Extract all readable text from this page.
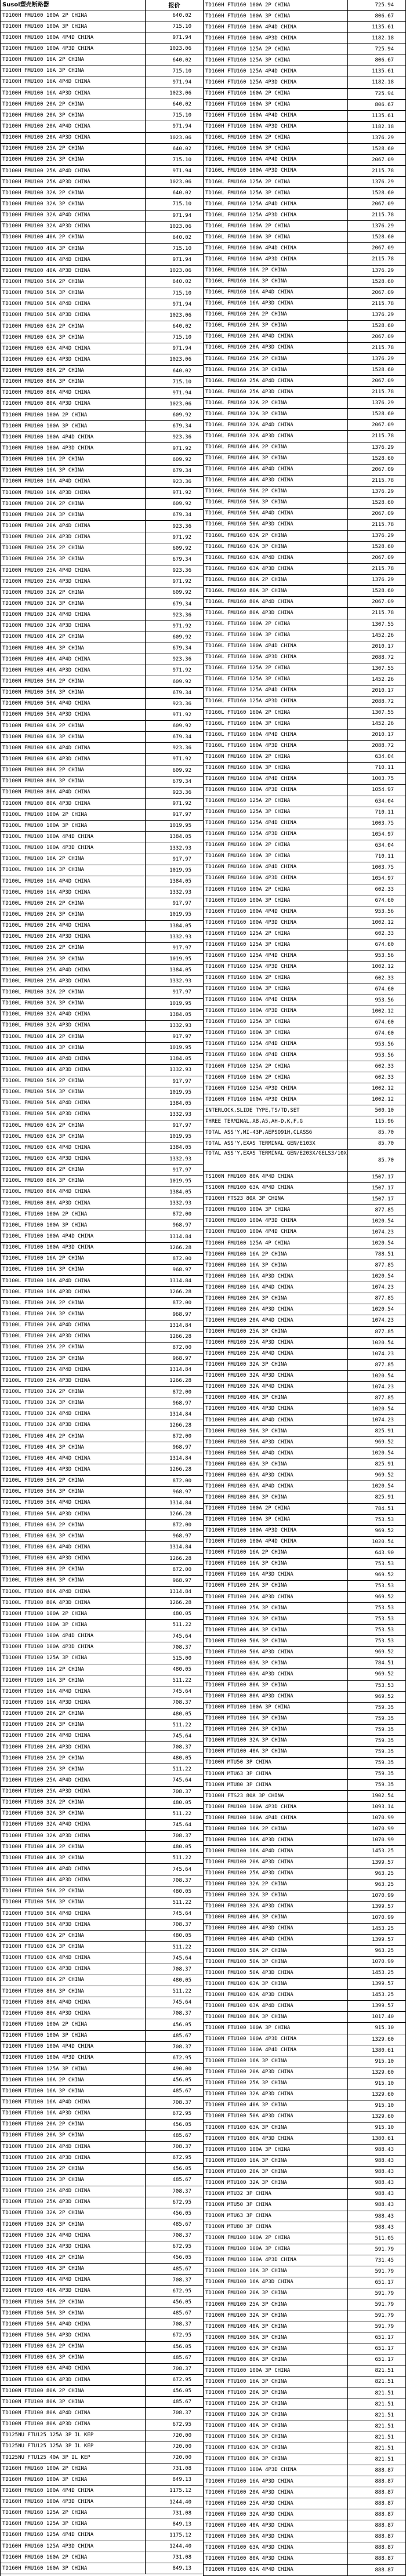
Susol塑壳断路器	报价
TD100H FMU100 100A 2P CHINA	640.02
TD100H FMU100 100A 3P CHINA	715.10
TD100H FMU100 100A 4P4D CHINA	971.94
TD100H FMU100 100A 4P3D CHINA	1023.06
TD100H FMU100 16A 2P CHINA	640.02
TD100H FMU100 16A 3P CHINA	715.10
TD100H FMU100 16A 4P4D CHINA	971.94
TD100H FMU100 16A 4P3D CHINA	1023.06
TD100H FMU100 20A 2P CHINA	640.02
TD100H FMU100 20A 3P CHINA	715.10
TD100H FMU100 20A 4P4D CHINA	971.94
TD100H FMU100 20A 4P3D CHINA	1023.06
TD100H FMU100 25A 2P CHINA	640.02
TD100H FMU100 25A 3P CHINA	715.10
TD100H FMU100 25A 4P4D CHINA	971.94
TD100H FMU100 25A 4P3D CHINA	1023.06
TD100H FMU100 32A 2P CHINA	640.02
TD100H FMU100 32A 3P CHINA	715.10
TD100H FMU100 32A 4P4D CHINA	971.94
TD100H FMU100 32A 4P3D CHINA	1023.06
TD100H FMU100 40A 2P CHINA	640.02
TD100H FMU100 40A 3P CHINA	715.10
TD100H FMU100 40A 4P4D CHINA	971.94
TD100H FMU100 40A 4P3D CHINA	1023.06
TD100H FMU100 50A 2P CHINA	640.02
TD100H FMU100 50A 3P CHINA	715.10
TD100H FMU100 50A 4P4D CHINA	971.94
TD100H FMU100 50A 4P3D CHINA	1023.06
TD100H FMU100 63A 2P CHINA	640.02
TD100H FMU100 63A 3P CHINA	715.10
TD100H FMU100 63A 4P4D CHINA	971.94
TD100H FMU100 63A 4P3D CHINA	1023.06
TD100H FMU100 80A 2P CHINA	640.02
TD100H FMU100 80A 3P CHINA	715.10
TD100H FMU100 80A 4P4D CHINA	971.94
TD100H FMU100 80A 4P3D CHINA	1023.06
TD100N FMU100 100A 2P CHINA	609.92
TD100N FMU100 100A 3P CHINA	679.34
TD100N FMU100 100A 4P4D CHINA	923.36
TD100N FMU100 100A 4P3D CHINA	971.92
TD100N FMU100 16A 2P CHINA	609.92
TD100N FMU100 16A 3P CHINA	679.34
TD100N FMU100 16A 4P4D CHINA	923.36
TD100N FMU100 16A 4P3D CHINA	971.92
TD100N FMU100 20A 2P CHINA	609.92
TD100N FMU100 20A 3P CHINA	679.34
TD100N FMU100 20A 4P4D CHINA	923.36
TD100N FMU100 20A 4P3D CHINA	971.92
TD100N FMU100 25A 2P CHINA	609.92
TD100N FMU100 25A 3P CHINA	679.34
TD100N FMU100 25A 4P4D CHINA	923.36
TD100N FMU100 25A 4P3D CHINA	971.92
TD100N FMU100 32A 2P CHINA	609.92
TD100N FMU100 32A 3P CHINA	679.34
TD100N FMU100 32A 4P4D CHINA	923.36
TD100N FMU100 32A 4P3D CHINA	971.92
TD100N FMU100 40A 2P CHINA	609.92
TD100N FMU100 40A 3P CHINA	679.34
TD100N FMU100 40A 4P4D CHINA	923.36
TD100N FMU100 40A 4P3D CHINA	971.92
TD100N FMU100 50A 2P CHINA	609.92
TD100N FMU100 50A 3P CHINA	679.34
TD100N FMU100 50A 4P4D CHINA	923.36
TD100N FMU100 50A 4P3D CHINA	971.92
TD100N FMU100 63A 2P CHINA	609.92
TD100N FMU100 63A 3P CHINA	679.34
TD100N FMU100 63A 4P4D CHINA	923.36
TD100N FMU100 63A 4P3D CHINA	971.92
TD100N FMU100 80A 2P CHINA	609.92
TD100N FMU100 80A 3P CHINA	679.34
TD100N FMU100 80A 4P4D CHINA	923.36
TD100N FMU100 80A 4P3D CHINA	971.92
TD100L FMU100 100A 2P CHINA	917.97
TD100L FMU100 100A 3P CHINA	1019.95
TD100L FMU100 100A 4P4D CHINA	1384.05
TD100L FMU100 100A 4P3D CHINA	1332.93
TD100L FMU100 16A 2P CHINA	917.97
TD100L FMU100 16A 3P CHINA	1019.95
TD100L FMU100 16A 4P4D CHINA	1384.05
TD100L FMU100 16A 4P3D CHINA	1332.93
TD100L FMU100 20A 2P CHINA	917.97
TD100L FMU100 20A 3P CHINA	1019.95
TD100L FMU100 20A 4P4D CHINA	1384.05
TD100L FMU100 20A 4P3D CHINA	1332.93
TD100L FMU100 25A 2P CHINA	917.97
TD100L FMU100 25A 3P CHINA	1019.95
TD100L FMU100 25A 4P4D CHINA	1384.05
TD100L FMU100 25A 4P3D CHINA	1332.93
TD100L FMU100 32A 2P CHINA	917.97
TD100L FMU100 32A 3P CHINA	1019.95
TD100L FMU100 32A 4P4D CHINA	1384.05
TD100L FMU100 32A 4P3D CHINA	1332.93
TD100L FMU100 40A 2P CHINA	917.97
TD100L FMU100 40A 3P CHINA	1019.95
TD100L FMU100 40A 4P4D CHINA	1384.05
TD100L FMU100 40A 4P3D CHINA	1332.93
TD100L FMU100 50A 2P CHINA	917.97
TD100L FMU100 50A 3P CHINA	1019.95
TD100L FMU100 50A 4P4D CHINA	1384.05
TD100L FMU100 50A 4P3D CHINA	1332.93
TD100L FMU100 63A 2P CHINA	917.97
TD100L FMU100 63A 3P CHINA	1019.95
TD100L FMU100 63A 4P4D CHINA	1384.05
TD100L FMU100 63A 4P3D CHINA	1332.93
TD100L FMU100 80A 2P CHINA	917.97
TD100L FMU100 80A 3P CHINA	1019.95
TD100L FMU100 80A 4P4D CHINA	1384.05
TD100L FMU100 80A 4P3D CHINA	1332.93
TD100L FTU100 100A 2P CHINA	872.00
TD100L FTU100 100A 3P CHINA	968.97
TD100L FTU100 100A 4P4D CHINA	1314.84
TD100L FTU100 100A 4P3D CHINA	1266.28
TD100L FTU100 16A 2P CHINA	872.00
TD100L FTU100 16A 3P CHINA	968.97
TD100L FTU100 16A 4P4D CHINA	1314.84
TD100L FTU100 16A 4P3D CHINA	1266.28
TD100L FTU100 20A 2P CHINA	872.00
TD100L FTU100 20A 3P CHINA	968.97
TD100L FTU100 20A 4P4D CHINA	1314.84
TD100L FTU100 20A 4P3D CHINA	1266.28
TD100L FTU100 25A 2P CHINA	872.00
TD100L FTU100 25A 3P CHINA	968.97
TD100L FTU100 25A 4P4D CHINA	1314.84
TD100L FTU100 25A 4P3D CHINA	1266.28
TD100L FTU100 32A 2P CHINA	872.00
TD100L FTU100 32A 3P CHINA	968.97
TD100L FTU100 32A 4P4D CHINA	1314.84
TD100L FTU100 32A 4P3D CHINA	1266.28
TD100L FTU100 40A 2P CHINA	872.00
TD100L FTU100 40A 3P CHINA	968.97
TD100L FTU100 40A 4P4D CHINA	1314.84
TD100L FTU100 40A 4P3D CHINA	1266.28
TD100L FTU100 50A 2P CHINA	872.00
TD100L FTU100 50A 3P CHINA	968.97
TD100L FTU100 50A 4P4D CHINA	1314.84
TD100L FTU100 50A 4P3D CHINA	1266.28
TD100L FTU100 63A 2P CHINA	872.00
TD100L FTU100 63A 3P CHINA	968.97
TD100L FTU100 63A 4P4D CHINA	1314.84
TD100L FTU100 63A 4P3D CHINA	1266.28
TD100L FTU100 80A 2P CHINA	872.00
TD100L FTU100 80A 3P CHINA	968.97
TD100L FTU100 80A 4P4D CHINA	1314.84
TD100L FTU100 80A 4P3D CHINA	1266.28
TD100H FTU100 100A 2P CHINA	480.05
TD100H FTU100 100A 3P CHINA	511.22
TD100H FTU100 100A 4P4D CHINA	745.64
TD100H FTU100 100A 4P3D CHINA	708.37
TD100H FTU100 125A 3P CHINA	515.00
TD100H FTU100 16A 2P CHINA	480.05
TD100H FTU100 16A 3P CHINA	511.22
TD100H FTU100 16A 4P4D CHINA	745.64
TD100H FTU100 16A 4P3D CHINA	708.37
TD100H FTU100 20A 2P CHINA	480.05
TD100H FTU100 20A 3P CHINA	511.22
TD100H FTU100 20A 4P4D CHINA	745.64
TD100H FTU100 20A 4P3D CHINA	708.37
TD100H FTU100 25A 2P CHINA	480.05
TD100H FTU100 25A 3P CHINA	511.22
TD100H FTU100 25A 4P4D CHINA	745.64
TD100H FTU100 25A 4P3D CHINA	708.37
TD100H FTU100 32A 2P CHINA	480.05
TD100H FTU100 32A 3P CHINA	511.22
TD100H FTU100 32A 4P4D CHINA	745.64
TD100H FTU100 32A 4P3D CHINA	708.37
TD100H FTU100 40A 2P CHINA	480.05
TD100H FTU100 40A 3P CHINA	511.22
TD100H FTU100 40A 4P4D CHINA	745.64
TD100H FTU100 40A 4P3D CHINA	708.37
TD100H FTU100 50A 2P CHINA	480.05
TD100H FTU100 50A 3P CHINA	511.22
TD100H FTU100 50A 4P4D CHINA	745.64
TD100H FTU100 50A 4P3D CHINA	708.37
TD100H FTU100 63A 2P CHINA	480.05
TD100H FTU100 63A 3P CHINA	511.22
TD100H FTU100 63A 4P4D CHINA	745.64
TD100H FTU100 63A 4P3D CHINA	708.37
TD100H FTU100 80A 2P CHINA	480.05
TD100H FTU100 80A 3P CHINA	511.22
TD100H FTU100 80A 4P4D CHINA	745.64
TD100H FTU100 80A 4P3D CHINA	708.37
TD100N FTU100 100A 2P CHINA	456.05
TD100N FTU100 100A 3P CHINA	485.67
TD100N FTU100 100A 4P4D CHINA	708.37
TD100N FTU100 100A 4P3D CHINA	672.95
TD100N FTU100 125A 3P CHINA	490.00
TD100N FTU100 16A 2P CHINA	456.05
TD100N FTU100 16A 3P CHINA	485.67
TD100N FTU100 16A 4P4D CHINA	708.37
TD100N FTU100 16A 4P3D CHINA	672.95
TD100N FTU100 20A 2P CHINA	456.05
TD100N FTU100 20A 3P CHINA	485.67
TD100N FTU100 20A 4P4D CHINA	708.37
TD100N FTU100 20A 4P3D CHINA	672.95
TD100N FTU100 25A 2P CHINA	456.05
TD100N FTU100 25A 3P CHINA	485.67
TD100N FTU100 25A 4P4D CHINA	708.37
TD100N FTU100 25A 4P3D CHINA	672.95
TD100N FTU100 32A 2P CHINA	456.05
TD100N FTU100 32A 3P CHINA	485.67
TD100N FTU100 32A 4P4D CHINA	708.37
TD100N FTU100 32A 4P3D CHINA	672.95
TD100N FTU100 40A 2P CHINA	456.05
TD100N FTU100 40A 3P CHINA	485.67
TD100N FTU100 40A 4P4D CHINA	708.37
TD100N FTU100 40A 4P3D CHINA	672.95
TD100N FTU100 50A 2P CHINA	456.05
TD100N FTU100 50A 3P CHINA	485.67
TD100N FTU100 50A 4P4D CHINA	708.37
TD100N FTU100 50A 4P3D CHINA	672.95
TD100N FTU100 63A 2P CHINA	456.05
TD100N FTU100 63A 3P CHINA	485.67
TD100N FTU100 63A 4P4D CHINA	708.37
TD100N FTU100 63A 4P3D CHINA	672.95
TD100N FTU100 80A 2P CHINA	456.05
TD100N FTU100 80A 3P CHINA	485.67
TD100N FTU100 80A 4P4D CHINA	708.37
TD100N FTU100 80A 4P3D CHINA	672.95
TD125NU FTU125 125A 3P IL KEP	720.00
TD125NU FTU125 125A 3P IL KEP	720.00
TD125NU FTU125 40A 3P IL KEP	720.00
TD160H FMU160 100A 2P CHINA	731.08
TD160H FMU160 100A 3P CHINA	849.13
TD160H FMU160 100A 4P4D CHINA	1175.12
TD160H FMU160 100A 4P3D CHINA	1244.40
TD160H FMU160 125A 2P CHINA	731.08
TD160H FMU160 125A 3P CHINA	849.13
TD160H FMU160 125A 4P4D CHINA	1175.12
TD160H FMU160 125A 4P3D CHINA	1244.40
TD160H FMU160 160A 2P CHINA	731.08
TD160H FMU160 160A 3P CHINA	849.13
TD160H FTU160 100A 2P CHINA	725.94
TD160H FTU160 100A 3P CHINA	806.67
TD160H FTU160 100A 4P4D CHINA	1135.61
TD160H FTU160 100A 4P3D CHINA	1182.18
TD160H FTU160 125A 2P CHINA	725.94
TD160H FTU160 125A 3P CHINA	806.67
TD160H FTU160 125A 4P4D CHINA	1135.61
TD160H FTU160 125A 4P3D CHINA	1182.18
TD160H FTU160 160A 2P CHINA	725.94
TD160H FTU160 160A 3P CHINA	806.67
TD160H FTU160 160A 4P4D CHINA	1135.61
TD160H FTU160 160A 4P3D CHINA	1182.18
TD160L FMU160 100A 2P CHINA	1376.29
TD160L FMU160 100A 3P CHINA	1528.60
TD160L FMU160 100A 4P4D CHINA	2067.09
TD160L FMU160 100A 4P3D CHINA	2115.78
TD160L FMU160 125A 2P CHINA	1376.29
TD160L FMU160 125A 3P CHINA	1528.60
TD160L FMU160 125A 4P4D CHINA	2067.09
TD160L FMU160 125A 4P3D CHINA	2115.78
TD160L FMU160 160A 2P CHINA	1376.29
TD160L FMU160 160A 3P CHINA	1528.60
TD160L FMU160 160A 4P4D CHINA	2067.09
TD160L FMU160 160A 4P3D CHINA	2115.78
TD160L FMU160 16A 2P CHINA	1376.29
TD160L FMU160 16A 3P CHINA	1528.60
TD160L FMU160 16A 4P4D CHINA	2067.09
TD160L FMU160 16A 4P3D CHINA	2115.78
TD160L FMU160 20A 2P CHINA	1376.29
TD160L FMU160 20A 3P CHINA	1528.60
TD160L FMU160 20A 4P4D CHINA	2067.09
TD160L FMU160 20A 4P3D CHINA	2115.78
TD160L FMU160 25A 2P CHINA	1376.29
TD160L FMU160 25A 3P CHINA	1528.60
TD160L FMU160 25A 4P4D CHINA	2067.09
TD160L FMU160 25A 4P3D CHINA	2115.78
TD160L FMU160 32A 2P CHINA	1376.29
TD160L FMU160 32A 3P CHINA	1528.60
TD160L FMU160 32A 4P4D CHINA	2067.09
TD160L FMU160 32A 4P3D CHINA	2115.78
TD160L FMU160 40A 2P CHINA	1376.29
TD160L FMU160 40A 3P CHINA	1528.60
TD160L FMU160 40A 4P4D CHINA	2067.09
TD160L FMU160 40A 4P3D CHINA	2115.78
TD160L FMU160 50A 2P CHINA	1376.29
TD160L FMU160 50A 3P CHINA	1528.60
TD160L FMU160 50A 4P4D CHINA	2067.09
TD160L FMU160 50A 4P3D CHINA	2115.78
TD160L FMU160 63A 2P CHINA	1376.29
TD160L FMU160 63A 3P CHINA	1528.60
TD160L FMU160 63A 4P4D CHINA	2067.09
TD160L FMU160 63A 4P3D CHINA	2115.78
TD160L FMU160 80A 2P CHINA	1376.29
TD160L FMU160 80A 3P CHINA	1528.60
TD160L FMU160 80A 4P4D CHINA	2067.09
TD160L FMU160 80A 4P3D CHINA	2115.78
TD160L FTU160 100A 2P CHINA	1307.55
TD160L FTU160 100A 3P CHINA	1452.26
TD160L FTU160 100A 4P4D CHINA	2010.17
TD160L FTU160 100A 4P3D CHINA	2088.72
TD160L FTU160 125A 2P CHINA	1307.55
TD160L FTU160 125A 3P CHINA	1452.26
TD160L FTU160 125A 4P4D CHINA	2010.17
TD160L FTU160 125A 4P3D CHINA	2088.72
TD160L FTU160 160A 2P CHINA	1307.55
TD160L FTU160 160A 3P CHINA	1452.26
TD160L FTU160 160A 4P4D CHINA	2010.17
TD160L FTU160 160A 4P3D CHINA	2088.72
TD160N FMU160 100A 2P CHINA	634.04
TD160N FMU160 100A 3P CHINA	710.11
TD160N FMU160 100A 4P4D CHINA	1003.75
TD160N FMU160 100A 4P3D CHINA	1054.97
TD160N FMU160 125A 2P CHINA	634.04
TD160N FMU160 125A 3P CHINA	710.11
TD160N FMU160 125A 4P4D CHINA	1003.75
TD160N FMU160 125A 4P3D CHINA	1054.97
TD160N FMU160 160A 2P CHINA	634.04
TD160N FMU160 160A 3P CHINA	710.11
TD160N FMU160 160A 4P4D CHINA	1003.75
TD160N FMU160 160A 4P3D CHINA	1054.97
TD160N FTU160 100A 2P CHINA	602.33
TD160N FTU160 100A 3P CHINA	674.60
TD160N FTU160 100A 4P4D CHINA	953.56
TD160N FTU160 100A 4P3D CHINA	1002.12
TD160N FTU160 125A 2P CHINA	602.33
TD160N FTU160 125A 3P CHINA	674.60
TD160N FTU160 125A 4P4D CHINA	953.56
TD160N FTU160 125A 4P3D CHINA	1002.12
TD160N FTU160 160A 2P CHINA	602.33
TD160N FTU160 160A 3P CHINA	674.60
TD160N FTU160 160A 4P4D CHINA	953.56
TD160N FTU160 160A 4P3D CHINA	1002.12
TD160N FTU160 125A 3P CHINA	674.60
TD160N FTU160 160A 3P CHINA	674.60
TD160N FTU160 125A 4P4D CHINA	953.56
TD160N FTU160 160A 4P4D CHINA	953.56
TD160N FTU160 125A 2P CHINA	602.33
TD160N FTU160 160A 2P CHINA	602.33
TD160N FTU160 125A 4P3D CHINA	1002.12
TD160N FTU160 160A 4P3D CHINA	1002.12
INTERLOCK,SLIDE TYPE,TS/TD,SET	500.10
THREE TERMINAL,AB,A5,AH-D,K,F,G	115.96
TOTAL ASS'Y,MI-43P,AEPSO91H,CLASS6	85.70
TOTAL ASS'Y,EXAS TERMINAL GEN/E103X	85.70
TOTAL ASS'Y,EXAS TERMINAL GEN/E203X/GELS3/10X
85.70
TS100N FMU100 80A 4P4D CHINA	1507.17
TS100N FMU100 63A 4P4D CHINA	1507.17
TD100H FTS23 80A 3P CHINA	1507.17
TD100H FMU100 100A 3P CHINA	877.85
TD100H FMU100 100A 4P3D CHINA	1020.54
TD100H FMU100 100A 4P4D CHINA	1074.23
TD100H FMU100 125A 4P CHINA	1020.54
TD100H FMU100 16A 2P CHINA	788.51
TD100H FMU100 16A 3P CHINA	877.85
TD100H FMU100 16A 4P3D CHINA	1020.54
TD100H FMU100 16A 4P4D CHINA	1074.23
TD100H FMU100 20A 3P CHINA	877.85
TD100H FMU100 20A 4P3D CHINA	1020.54
TD100H FMU100 20A 4P4D CHINA	1074.23
TD100H FMU100 25A 3P CHINA	877.85
TD100H FMU100 25A 4P3D CHINA	1020.54
TD100H FMU100 25A 4P4D CHINA	1074.23
TD100H FMU100 32A 3P CHINA	877.85
TD100H FMU100 32A 4P3D CHINA	1020.54
TD100H FMU100 32A 4P4D CHINA	1074.23
TD100H FMU100 40A 3P CHINA	877.85
TD100H FMU100 40A 4P3D CHINA	1020.54
TD100H FMU100 40A 4P4D CHINA	1074.23
TD100H FMU100 50A 3P CHINA	825.91
TD100H FMU100 50A 4P3D CHINA	969.52
TD100H FMU100 50A 4P4D CHINA	1020.54
TD100H FMU100 63A 3P CHINA	825.91
TD100H FMU100 63A 4P3D CHINA	969.52
TD100H FMU100 63A 4P4D CHINA	1020.54
TD100H FMU100 80A 3P CHINA	825.91
TD100N FTU100 100A 2P CHINA	784.51
TD100N FTU100 100A 3P CHINA	753.53
TD100N FTU100 100A 4P3D CHINA	969.52
TD100N FTU100 100A 4P4D CHINA	1020.54
TD100N FTU100 16A 2P CHINA	643.90
TD100N FTU100 16A 3P CHINA	753.53
TD100N FTU100 16A 4P3D CHINA	969.52
TD100N FTU100 20A 3P CHINA	753.53
TD100N FTU100 20A 4P3D CHINA	969.52
TD100N FTU100 25A 3P CHINA	753.53
TD100N FTU100 32A 3P CHINA	753.53
TD100N FTU100 40A 3P CHINA	753.53
TD100N FTU100 50A 3P CHINA	753.53
TD100N FTU100 50A 4P3D CHINA	969.52
TD100N FTU100 63A 3P CHINA	784.51
TD100N FTU100 63A 4P3D CHINA	969.52
TD100N FTU100 80A 3P CHINA	753.53
TD100N FTU100 80A 4P3D CHINA	969.52
TD100N MTU100 100A 3P CHINA	759.35
TD100N MTU100 16A 3P CHINA	759.35
TD100N MTU100 20A 3P CHINA	759.35
TD100N MTU100 32A 3P CHINA	759.35
TD100N MTU100 40A 3P CHINA	759.35
TD100N MTU50 3P CHINA	759.35
TD100N MTU63 3P CHINA	759.35
TD100N MTU80 3P CHINA	759.35
TD100H FTS23 80A 3P CHINA	1902.54
TD100H FMU100 100A 4P3D CHINA	1093.14
TD100H FMU100 100A 4P4D CHINA	1070.99
TD100H FMU100 16A 2P CHINA	1070.99
TD100H FMU100 16A 4P3D CHINA	1070.99
TD100H FMU100 16A 4P4D CHINA	1453.25
TD100H FMU100 20A 4P3D CHINA	1399.57
TD100H FMU100 25A 4P3D CHINA	963.25
TD100H FMU100 32A 2P CHINA	963.25
TD100H FMU100 32A 3P CHINA	1070.99
TD100H FMU100 32A 4P3D CHINA	1399.57
TD100H FMU100 40A 3P CHINA	1070.99
TD100H FMU100 40A 4P3D CHINA	1453.25
TD100H FMU100 40A 4P4D CHINA	1399.57
TD100H FMU100 50A 2P CHINA	963.25
TD100H FMU100 50A 3P CHINA	1070.99
TD100H FMU100 50A 4P3D CHINA	1453.25
TD100H FMU100 63A 3P CHINA	1399.57
TD100H FMU100 63A 4P3D CHINA	1453.25
TD100H FMU100 63A 4P4D CHINA	1399.57
TD100H FMU100 80A 3P CHINA	1017.40
TD100N FTU100 100A 3P CHINA	915.10
TD100N FTU100 100A 4P3D CHINA	1329.60
TD100N FTU100 100A 4P4D CHINA	1380.61
TD100N FTU100 16A 3P CHINA	915.10
TD100N FTU100 20A 4P3D CHINA	1329.60
TD100N FTU100 25A 3P CHINA	915.10
TD100N FTU100 32A 4P3D CHINA	1329.60
TD100N FTU100 40A 3P CHINA	915.10
TD100N FTU100 50A 4P3D CHINA	1329.60
TD100N FTU100 63A 3P CHINA	915.10
TD100N FTU100 80A 4P3D CHINA	1380.61
TD100N MTU100 100A 3P CHINA	988.43
TD100N MTU100 16A 3P CHINA	988.43
TD100N MTU100 20A 3P CHINA	988.43
TD100N MTU100 32A 3P CHINA	988.43
TD100N MTU32 3P CHINA	988.43
TD100N MTU50 3P CHINA	988.43
TD100N MTU63 3P CHINA	988.43
TD100N MTU80 3P CHINA	988.43
TD100N FMU100 100A 2P CHINA	511.05
TD100N FMU100 100A 3P CHINA	591.79
TD100N FMU100 100A 4P3D CHINA	731.45
TD100N FMU100 16A 3P CHINA	591.79
TD100N FMU100 16A 4P3D CHINA	651.17
TD100N FMU100 20A 3P CHINA	591.79
TD100N FMU100 25A 3P CHINA	591.79
TD100N FMU100 32A 3P CHINA	591.79
TD100N FMU100 40A 3P CHINA	591.79
TD100N FMU100 50A 3P CHINA	651.17
TD100N FMU100 63A 3P CHINA	651.17
TD100N FMU100 80A 3P CHINA	651.17
TD100N FTU100 100A 3P CHINA	821.51
TD100N FTU100 16A 3P CHINA	821.51
TD100N FTU100 20A 3P CHINA	821.51
TD100N FTU100 25A 3P CHINA	821.51
TD100N FTU100 32A 3P CHINA	821.51
TD100N FTU100 40A 3P CHINA	821.51
TD100N FTU100 50A 3P CHINA	821.51
TD100N FTU100 63A 3P CHINA	821.51
TD100N FTU100 80A 3P CHINA	821.51
TD100N FTU100 100A 4P3D CHINA	888.87
TD100N FTU100 16A 4P3D CHINA	888.87
TD100N FTU100 20A 4P3D CHINA	888.87
TD100N FTU100 25A 4P3D CHINA	888.87
TD100N FTU100 32A 4P3D CHINA	888.87
TD100N FTU100 40A 4P3D CHINA	888.87
TD100N FTU100 50A 4P3D CHINA	888.87
TD100N FTU100 63A 4P3D CHINA	888.87
TD100N FTU100 80A 4P3D CHINA	888.87
TD100N FTU100 63A 4P4D CHINA	888.87
